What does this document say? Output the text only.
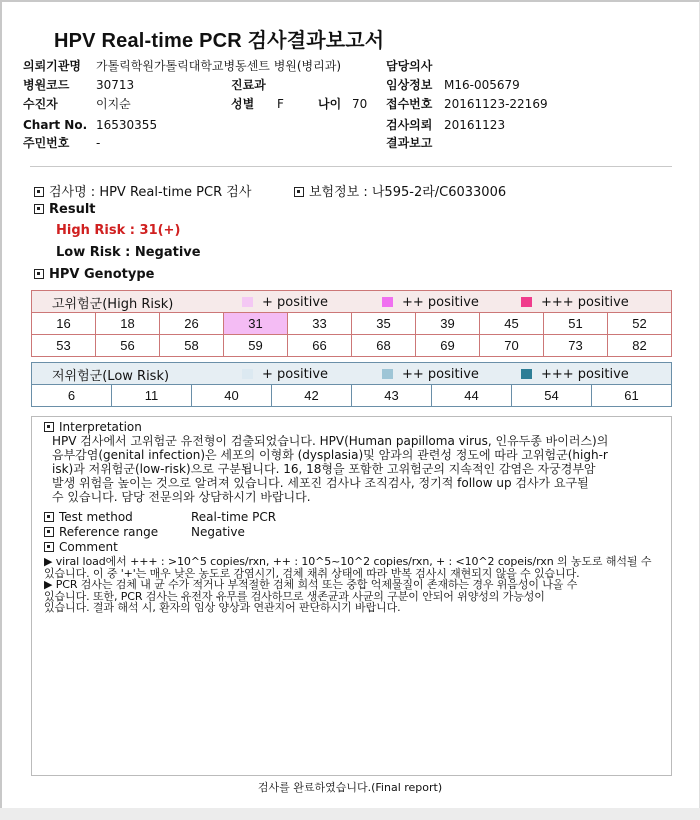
HPV Real-time PCR 검사결과보고서
의뢰기관명 가톨릭학원가톨릭대학교병동센트 병원(병리과)	담당의사
병원코드 30713	진료과	임상정보 M16-005679
수진자	이지순	성별 F	나이 70 접수번호 20161123-22169
Chart No. 16530355	검사의뢰 20161123
주민번호 -	결과보고
검사명 : HPV Real-time PCR 검사	보험정보 : 나595-2라/C6033006
Result
High Risk : 31(+)
Low Risk : Negative
HPV Genotype
고위험군(High Risk)	+ positive	++ positive	+++ positive
16	18	26	31	33	35	39	45	51	52
53	56	58	59	66	68	69	70	73	82
저위험군(Low Risk)	+ positive	++ positive	+++ positive
6	11	40	42	43	44	54	61
Interpretation
HPV 검사에서 고위험군 유전형이 검출되었습니다. HPV(Human papilloma virus, 인유두종 바이러스)의
음부감염(genital infection)은 세포의 이형화 (dysplasia)및 암과의 관련성 정도에 따라 고위험군(high-r
isk)과 저위험군(low-risk)으로 구분됩니다. 16, 18형을 포함한 고위험군의 지속적인 감염은 자궁경부암
발생 위험을 높이는 것으로 알려져 있습니다. 세포진 검사나 조직검사, 정기적 follow up 검사가 요구될
수 있습니다. 담당 전문의와 상담하시기 바랍니다.
Test method	Real-time PCR
Reference range	Negative
Comment
▶ viral load에서 +++ : >10^5 copies/rxn, ++ : 10^5~10^2 copies/rxn, + : <10^2 copeis/rxn 의 농도로 해석될 수
있습니다. 이 중 '+'는 매우 낮은 농도로 감염시기, 검체 채취 상태에 따라 반복 검사시 재현되지 않을 수 있습니다.
▶ PCR 검사는 검체 내 균 수가 적거나 부적절한 검체 희석 또는 중합 억제물질이 존재하는 경우 위음성이 나올 수
있습니다. 또한, PCR 검사는 유전자 유무를 검사하므로 생존균과 사균의 구분이 안되어 위양성의 가능성이
있습니다. 결과 해석 시, 환자의 임상 양상과 연관지어 판단하시기 바랍니다.
검사를 완료하였습니다.(Final report)
